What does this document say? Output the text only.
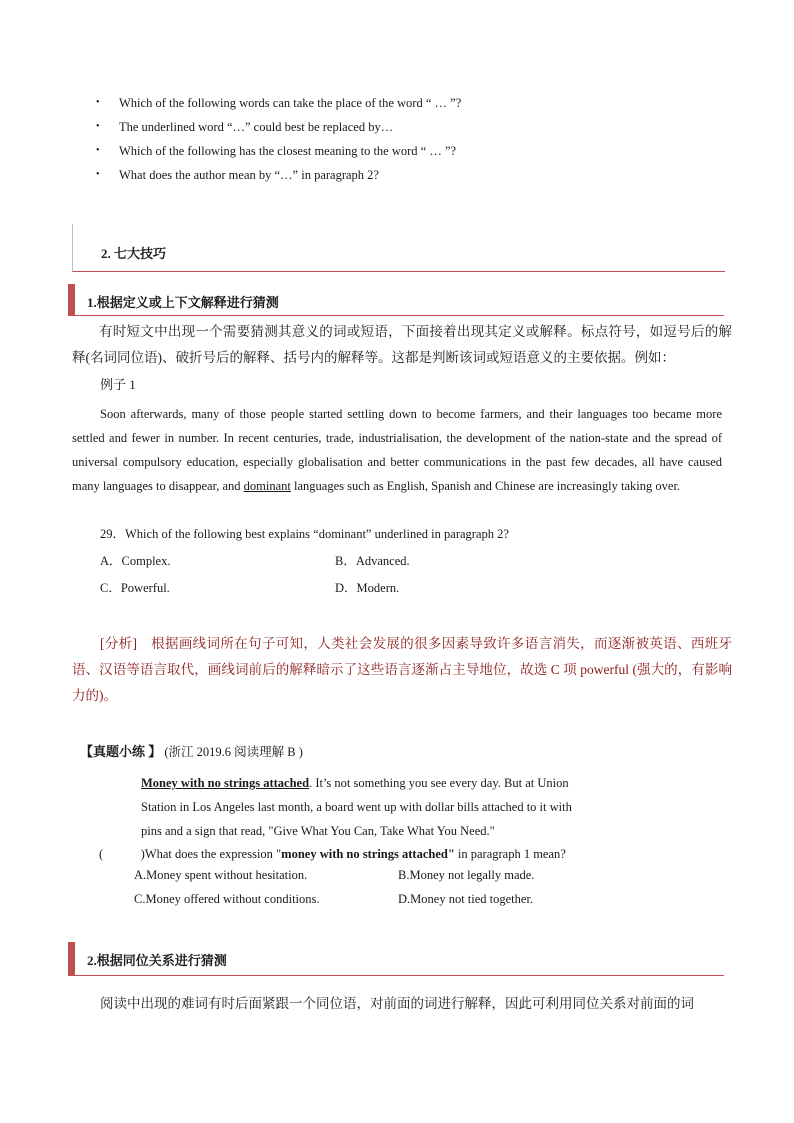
• Which of the following words can take the place of the word “ … ”?
• The underlined word “…” could best be replaced by…
• Which of the following has the closest meaning to the word “ … ”?
• What does the author mean by “…” in paragraph 2?
2. 七大技巧
1.根据定义或上下文解释进行猜测
有时短文中出现一个需要猜测其意义的词或短语，下面接着出现其定义或解释。标点符号，如逗号后的解释(名词同位语)、破折号后的解释、括号内的解释等。这都是判断该词或短语意义的主要依据。例如：
例子 1
Soon afterwards, many of those people started settling down to become farmers, and their languages too became more settled and fewer in number. In recent centuries, trade, industrialisation, the development of the nation-state and the spread of universal compulsory education, especially globalisation and better communications in the past few decades, all have caused many languages to disappear, and dominant languages such as English, Spanish and Chinese are increasingly taking over.
29．Which of the following best explains “dominant” underlined in paragraph 2?
A．Complex.	B．Advanced.
C．Powerful.	D．Modern.
[分析]　根据画线词所在句子可知，人类社会发展的很多因素导致许多语言消失，而逐渐被英语、西班牙语、汉语等语言取代，画线词前后的解释暗示了这些语言逐渐占主导地位，故选 C 项 powerful (强大的，有影响力的)。
【真题小练 】 (浙江 2019.6 阅读理解 B )
Money with no strings attached. It’s not something you see every day. But at Union
Station in Los Angeles last month, a board went up with dollar bills attached to it with
pins and a sign that read, "Give What You Can, Take What You Need."
(　　　)What does the expression "money with no strings attached" in paragraph 1 mean?
A.Money spent without hesitation.	B.Money not legally made.
C.Money offered without conditions.	D.Money not tied together.
2.根据同位关系进行猜测
阅读中出现的难词有时后面紧跟一个同位语，对前面的词进行解释，因此可利用同位关系对前面的词
